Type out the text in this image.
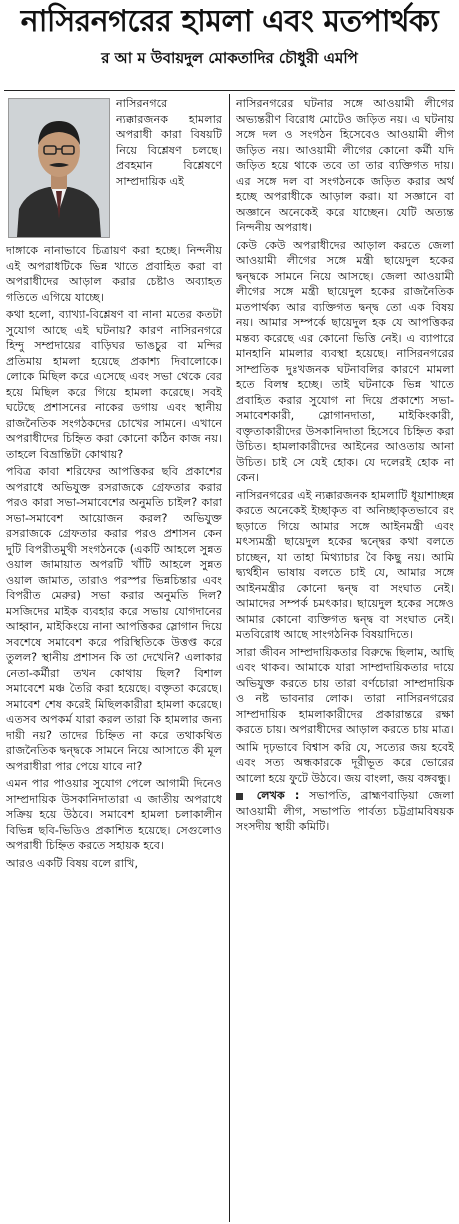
নাসিরনগরের হামলা এবং মতপার্থক্য
র আ ম উবায়দুল মোকতাদির চৌধুরী এমপি

নাসিরনগরে ন্যক্কারজনক হামলার অপরাধী কারা বিষয়টি নিয়ে বিশ্লেষণ চলছে। প্রবহমান বিশ্লেষণে সাম্প্রদায়িক এই

দাঙ্গাকে নানাভাবে চিত্রায়ণ করা হচ্ছে। নিন্দনীয় এই অপরাধটিকে ভিন্ন খাতে প্রবাহিত করা বা অপরাধীদের আড়াল করার চেষ্টাও অব্যাহত গতিতে এগিয়ে যাচ্ছে।

কথা হলো, ব্যাখ্যা-বিশ্লেষণ বা নানা মতের কতটা সুযোগ আছে এই ঘটনায়? কারণ নাসিরনগরে হিন্দু সম্প্রদায়ের বাড়িঘর ভাঙচুর বা মন্দির প্রতিমায় হামলা হয়েছে প্রকাশ্য দিবালোকে। লোকে মিছিল করে এসেছে এবং সভা থেকে বের হয়ে মিছিল করে গিয়ে হামলা করেছে। সবই ঘটেছে প্রশাসনের নাকের ডগায় এবং স্থানীয় রাজনৈতিক সংগঠকদের চোখের সামনে। এখানে অপরাধীদের চিহ্নিত করা কোনো কঠিন কাজ নয়। তাহলে বিভ্রান্তিটা কোথায়?

পবিত্র কাবা শরিফের আপত্তিকর ছবি প্রকাশের অপরাধে অভিযুক্ত রসরাজকে গ্রেফতার করার পরও কারা সভা-সমাবেশের অনুমতি চাইল? কারা সভা-সমাবেশ আয়োজন করল? অভিযুক্ত রসরাজকে গ্রেফতার করার পরও প্রশাসন কেন দুটি বিপরীতমুখী সংগঠনকে (একটি আহলে সুন্নত ওয়াল জামায়াত অপরটি খাঁটি আহলে সুন্নত ওয়াল জামাত, তারাও পরস্পর ভিন্নচিন্তার এবং বিপরীত মেরুর) সভা করার অনুমতি দিল? মসজিদের মাইক ব্যবহার করে সভায় যোগদানের আহ্বান, মাইকিংয়ে নানা আপত্তিকর স্লোগান দিয়ে সবশেষে সমাবেশ করে পরিস্থিতিকে উত্তপ্ত করে তুলল? স্থানীয় প্রশাসন কি তা দেখেনি? এলাকার নেতা-কর্মীরা তখন কোথায় ছিল? বিশাল সমাবেশে মঞ্চ তৈরি করা হয়েছে। বক্তৃতা করেছে। সমাবেশ শেষ করেই মিছিলকারীরা হামলা করেছে। এতসব অপকর্ম যারা করল তারা কি হামলার জন্য দায়ী নয়? তাদের চিহ্নিত না করে তথাকথিত রাজনৈতিক দ্বন্দ্বকে সামনে নিয়ে আসাতে কী মূল অপরাধীরা পার পেয়ে যাবে না?

এমন পার পাওয়ার সুযোগ পেলে আগামী দিনেও সাম্প্রদায়িক উসকানিদাতারা এ জাতীয় অপরাধে সক্রিয় হয়ে উঠবে। সমাবেশ হামলা চলাকালীন বিভিন্ন ছবি-ভিডিও প্রকাশিত হয়েছে। সেগুলোও অপরাধী চিহ্নিত করতে সহায়ক হবে।

আরও একটি বিষয় বলে রাখি,

নাসিরনগরের ঘটনার সঙ্গে আওয়ামী লীগের অভ্যন্তরীণ বিরোধ মোটেও জড়িত নয়। এ ঘটনায় সঙ্গে দল ও সংগঠন হিসেবেও আওয়ামী লীগ জড়িত নয়। আওয়ামী লীগের কোনো কর্মী যদি জড়িত হয়ে থাকে তবে তা তার ব্যক্তিগত দায়। এর সঙ্গে দল বা সংগঠনকে জড়িত করার অর্থ হচ্ছে অপরাধীকে আড়াল করা। যা সজ্ঞানে বা অজ্ঞানে অনেকেই করে যাচ্ছেন। যেটি অত্যন্ত নিন্দনীয় অপরাধ।

কেউ কেউ অপরাধীদের আড়াল করতে জেলা আওয়ামী লীগের সঙ্গে মন্ত্রী ছায়েদুল হকের দ্বন্দ্বকে সামনে নিয়ে আসছে। জেলা আওয়ামী লীগের সঙ্গে মন্ত্রী ছায়েদুল হকের রাজনৈতিক মতপার্থক্য আর ব্যক্তিগত দ্বন্দ্ব তো এক বিষয় নয়। আমার সম্পর্কে ছায়েদুল হক যে আপত্তিকর মন্তব্য করেছে এর কোনো ভিত্তি নেই। এ ব্যাপারে মানহানি মামলার ব্যবস্থা হয়েছে। নাসিরনগরের সাম্প্রতিক দুঃখজনক ঘটনাবলির কারণে মামলা হতে বিলম্ব হচ্ছে। তাই ঘটনাকে ভিন্ন খাতে প্রবাহিত করার সুযোগ না দিয়ে প্রকাশ্যে সভা-সমাবেশকারী, স্লোগানদাতা, মাইকিংকারী, বক্তৃতাকারীদের উসকানিদাতা হিসেবে চিহ্নিত করা উচিত। হামলাকারীদের আইনের আওতায় আনা উচিত। চাই সে যেই হোক। যে দলেরই হোক না কেন।

নাসিরনগরের এই ন্যক্কারজনক হামলাটি ধূয়াশাচ্ছন্ন করতে অনেকেই ইচ্ছাকৃত বা অনিচ্ছাকৃতভাবে রং ছড়াতে গিয়ে আমার সঙ্গে আইনমন্ত্রী এবং মৎস্যমন্ত্রী ছায়েদুল হকের দ্বন্দ্বের কথা বলতে চাচ্ছেন, যা তাহা মিথ্যাচার বৈ কিছু নয়। আমি দ্ব্যর্থহীন ভাষায় বলতে চাই যে, আমার সঙ্গে আইনমন্ত্রীর কোনো দ্বন্দ্ব বা সংঘাত নেই। আমাদের সম্পর্ক চমৎকার। ছায়েদুল হকের সঙ্গেও আমার কোনো ব্যক্তিগত দ্বন্দ্ব বা সংঘাত নেই। মতবিরোধ আছে সাংগঠনিক বিষয়াদিতে।

সারা জীবন সাম্প্রদায়িকতার বিরুদ্ধে ছিলাম, আছি এবং থাকব। আমাকে যারা সাম্প্রদায়িকতার দায়ে অভিযুক্ত করতে চায় তারা বর্ণচোরা সাম্প্রদায়িক ও নষ্ট ভাবনার লোক। তারা নাসিরনগরের সাম্প্রদায়িক হামলাকারীদের প্রকারান্তরে রক্ষা করতে চায়। অপরাধীদের আড়াল করতে চায় মাত্র।

আমি দৃঢ়ভাবে বিশ্বাস করি যে, সত্যের জয় হবেই এবং সত্য অন্ধকারকে দূরীভূত করে ভোরের আলো হয়ে ফুটে উঠবে। জয় বাংলা, জয় বঙ্গবন্ধু।

লেখক : সভাপতি, ব্রাহ্মণবাড়িয়া জেলা আওয়ামী লীগ, সভাপতি পার্বত্য চট্টগ্রামবিষয়ক সংসদীয় স্থায়ী কমিটি।
